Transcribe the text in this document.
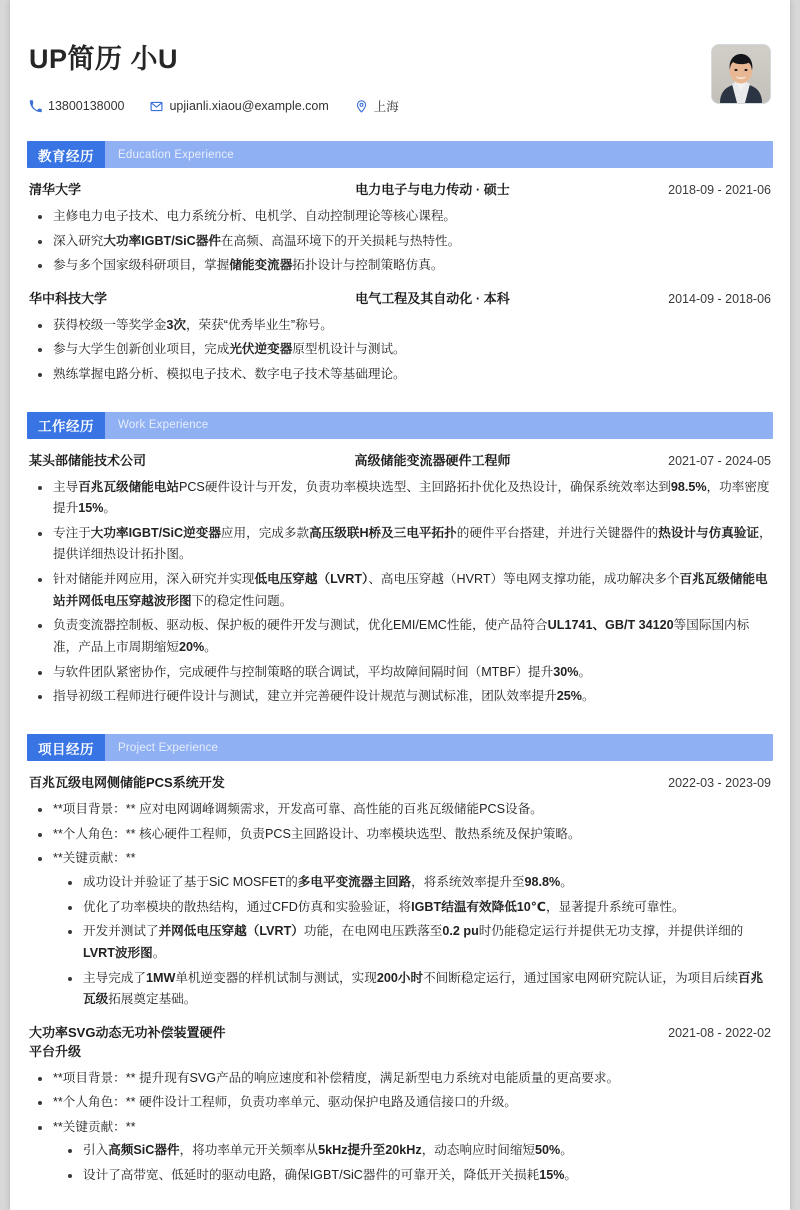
UP简历 小U
13800138000	upjianli.xiaou@example.com	上海
教育经历	Education Experience
清华大学	电力电子与电力传动 · 硕士	2018-09 - 2021-06
主修电力电子技术、电力系统分析、电机学、自动控制理论等核心课程。
深入研究大功率IGBT/SiC器件在高频、高温环境下的开关损耗与热特性。
参与多个国家级科研项目，掌握储能变流器拓扑设计与控制策略仿真。
华中科技大学	电气工程及其自动化 · 本科	2014-09 - 2018-06
获得校级一等奖学金3次，荣获“优秀毕业生”称号。
参与大学生创新创业项目，完成光伏逆变器原型机设计与测试。
熟练掌握电路分析、模拟电子技术、数字电子技术等基础理论。
工作经历	Work Experience
某头部储能技术公司	高级储能变流器硬件工程师	2021-07 - 2024-05
主导百兆瓦级储能电站PCS硬件设计与开发，负责功率模块选型、主回路拓扑优化及热设计，确保系统效率达到98.5%，功率密度提升15%。
专注于大功率IGBT/SiC逆变器应用，完成多款高压级联H桥及三电平拓扑的硬件平台搭建，并进行关键器件的热设计与仿真验证，提供详细热设计拓扑图。
针对储能并网应用，深入研究并实现低电压穿越（LVRT）、高电压穿越（HVRT）等电网支撑功能，成功解决多个百兆瓦级储能电站并网低电压穿越波形图下的稳定性问题。
负责变流器控制板、驱动板、保护板的硬件开发与测试，优化EMI/EMC性能，使产品符合UL1741、GB/T 34120等国际国内标准，产品上市周期缩短20%。
与软件团队紧密协作，完成硬件与控制策略的联合调试，平均故障间隔时间（MTBF）提升30%。
指导初级工程师进行硬件设计与测试，建立并完善硬件设计规范与测试标准，团队效率提升25%。
项目经历	Project Experience
百兆瓦级电网侧储能PCS系统开发	2022-03 - 2023-09
**项目背景：** 应对电网调峰调频需求，开发高可靠、高性能的百兆瓦级储能PCS设备。
**个人角色：** 核心硬件工程师，负责PCS主回路设计、功率模块选型、散热系统及保护策略。
**关键贡献：**
成功设计并验证了基于SiC MOSFET的多电平变流器主回路，将系统效率提升至98.8%。
优化了功率模块的散热结构，通过CFD仿真和实验验证，将IGBT结温有效降低10℃，显著提升系统可靠性。
开发并测试了并网低电压穿越（LVRT）功能，在电网电压跌落至0.2 pu时仍能稳定运行并提供无功支撑，并提供详细的LVRT波形图。
主导完成了1MW单机逆变器的样机试制与测试，实现200小时不间断稳定运行，通过国家电网研究院认证，为项目后续百兆瓦级拓展奠定基础。
大功率SVG动态无功补偿装置硬件平台升级
2021-08 - 2022-02
**项目背景：** 提升现有SVG产品的响应速度和补偿精度，满足新型电力系统对电能质量的更高要求。
**个人角色：** 硬件设计工程师，负责功率单元、驱动保护电路及通信接口的升级。
**关键贡献：**
引入高频SiC器件，将功率单元开关频率从5kHz提升至20kHz，动态响应时间缩短50%。
设计了高带宽、低延时的驱动电路，确保IGBT/SiC器件的可靠开关，降低开关损耗15%。
